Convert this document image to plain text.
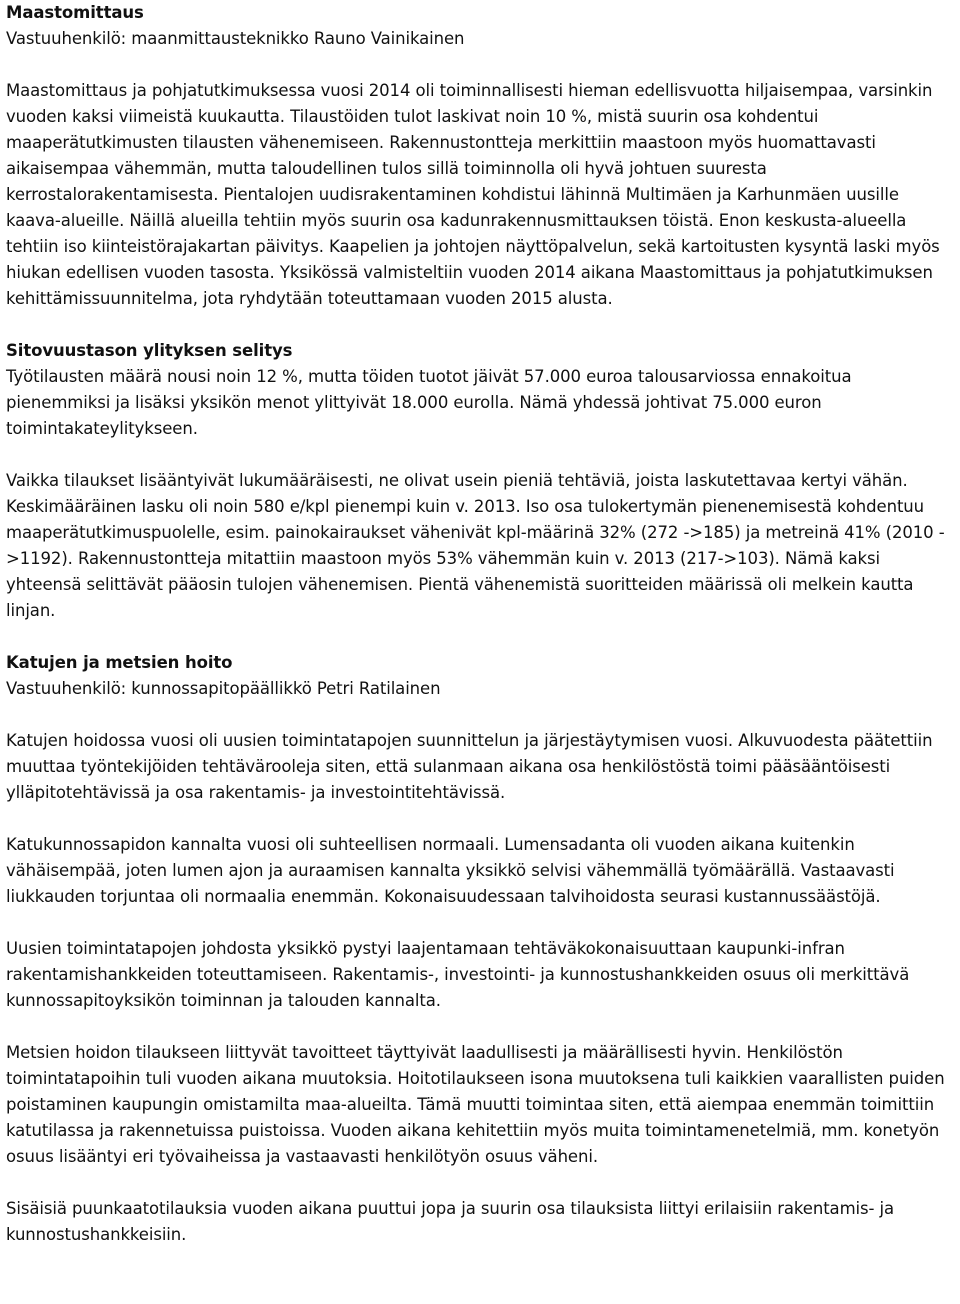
Maastomittaus

Vastuuhenkilö: maanmittausteknikko Rauno Vainikainen

Maastomittaus ja pohjatutkimuksessa vuosi 2014 oli toiminnallisesti hieman edellisvuotta hiljaisempaa, varsinkin vuoden kaksi viimeistä kuukautta. Tilaustöiden tulot laskivat noin 10 %, mistä suurin osa kohdentui maaperätutkimusten tilausten vähenemiseen. Rakennustontteja merkittiin maastoon myös huomattavasti aikaisempaa vähemmän, mutta taloudellinen tulos sillä toiminnolla oli hyvä johtuen suuresta kerrostalorakentamisesta. Pientalojen uudisrakentaminen kohdistui lähinnä Multimäen ja Karhunmäen uusille kaava-alueille. Näillä alueilla tehtiin myös suurin osa kadunrakennusmittauksen töistä. Enon keskusta-alueella tehtiin iso kiinteistörajakartan päivitys. Kaapelien ja johtojen näyttöpalvelun, sekä kartoitusten kysyntä laski myös hiukan edellisen vuoden tasosta. Yksikössä valmisteltiin vuoden 2014 aikana Maastomittaus ja pohjatutkimuksen kehittämissuunnitelma, jota ryhdytään toteuttamaan vuoden 2015 alusta.

Sitovuustason ylityksen selitys

Työtilausten määrä nousi noin 12 %, mutta töiden tuotot jäivät 57.000 euroa talousarviossa ennakoitua pienemmiksi ja lisäksi yksikön menot ylittyivät 18.000 eurolla. Nämä yhdessä johtivat 75.000 euron toimintakateylitykseen.

Vaikka tilaukset lisääntyivät lukumääräisesti, ne olivat usein pieniä tehtäviä, joista laskutettavaa kertyi vähän. Keskimääräinen lasku oli noin 580 e/kpl pienempi kuin v. 2013. Iso osa tulokertymän pienenemisestä kohdentuu maaperätutkimuspuolelle, esim. painokairaukset vähenivät kpl-määrinä 32% (272 ->185) ja metreinä 41% (2010 ->1192). Rakennustontteja mitattiin maastoon myös 53% vähemmän kuin v. 2013 (217->103). Nämä kaksi yhteensä selittävät pääosin tulojen vähenemisen. Pientä vähenemistä suoritteiden määrissä oli melkein kautta linjan.

Katujen ja metsien hoito

Vastuuhenkilö: kunnossapitopäällikkö Petri Ratilainen

Katujen hoidossa vuosi oli uusien toimintatapojen suunnittelun ja järjestäytymisen vuosi. Alkuvuodesta päätettiin muuttaa työntekijöiden tehtävärooleja siten, että sulanmaan aikana osa henkilöstöstä toimi pääsääntöisesti ylläpitotehtävissä ja osa rakentamis- ja investointitehtävissä.

Katukunnossapidon kannalta vuosi oli suhteellisen normaali. Lumensadanta oli vuoden aikana kuitenkin vähäisempää, joten lumen ajon ja auraamisen kannalta yksikkö selvisi vähemmällä työmäärällä. Vastaavasti liukkauden torjuntaa oli normaalia enemmän. Kokonaisuudessaan talvihoidosta seurasi kustannussäästöjä.

Uusien toimintatapojen johdosta yksikkö pystyi laajentamaan tehtäväkokonaisuuttaan kaupunki-infran rakentamishankkeiden toteuttamiseen. Rakentamis-, investointi- ja kunnostushankkeiden osuus oli merkittävä kunnossapitoyksikön toiminnan ja talouden kannalta.

Metsien hoidon tilaukseen liittyvät tavoitteet täyttyivät laadullisesti ja määrällisesti hyvin. Henkilöstön toimintatapoihin tuli vuoden aikana muutoksia. Hoitotilaukseen isona muutoksena tuli kaikkien vaarallisten puiden poistaminen kaupungin omistamilta maa-alueilta. Tämä muutti toimintaa siten, että aiempaa enemmän toimittiin katutilassa ja rakennetuissa puistoissa. Vuoden aikana kehitettiin myös muita toimintamenetelmiä, mm. konetyön osuus lisääntyi eri työvaiheissa ja vastaavasti henkilötyön osuus väheni.

Sisäisiä puunkaatotilauksia vuoden aikana puuttui jopa ja suurin osa tilauksista liittyi erilaisiin rakentamis- ja kunnostushankkeisiin.
